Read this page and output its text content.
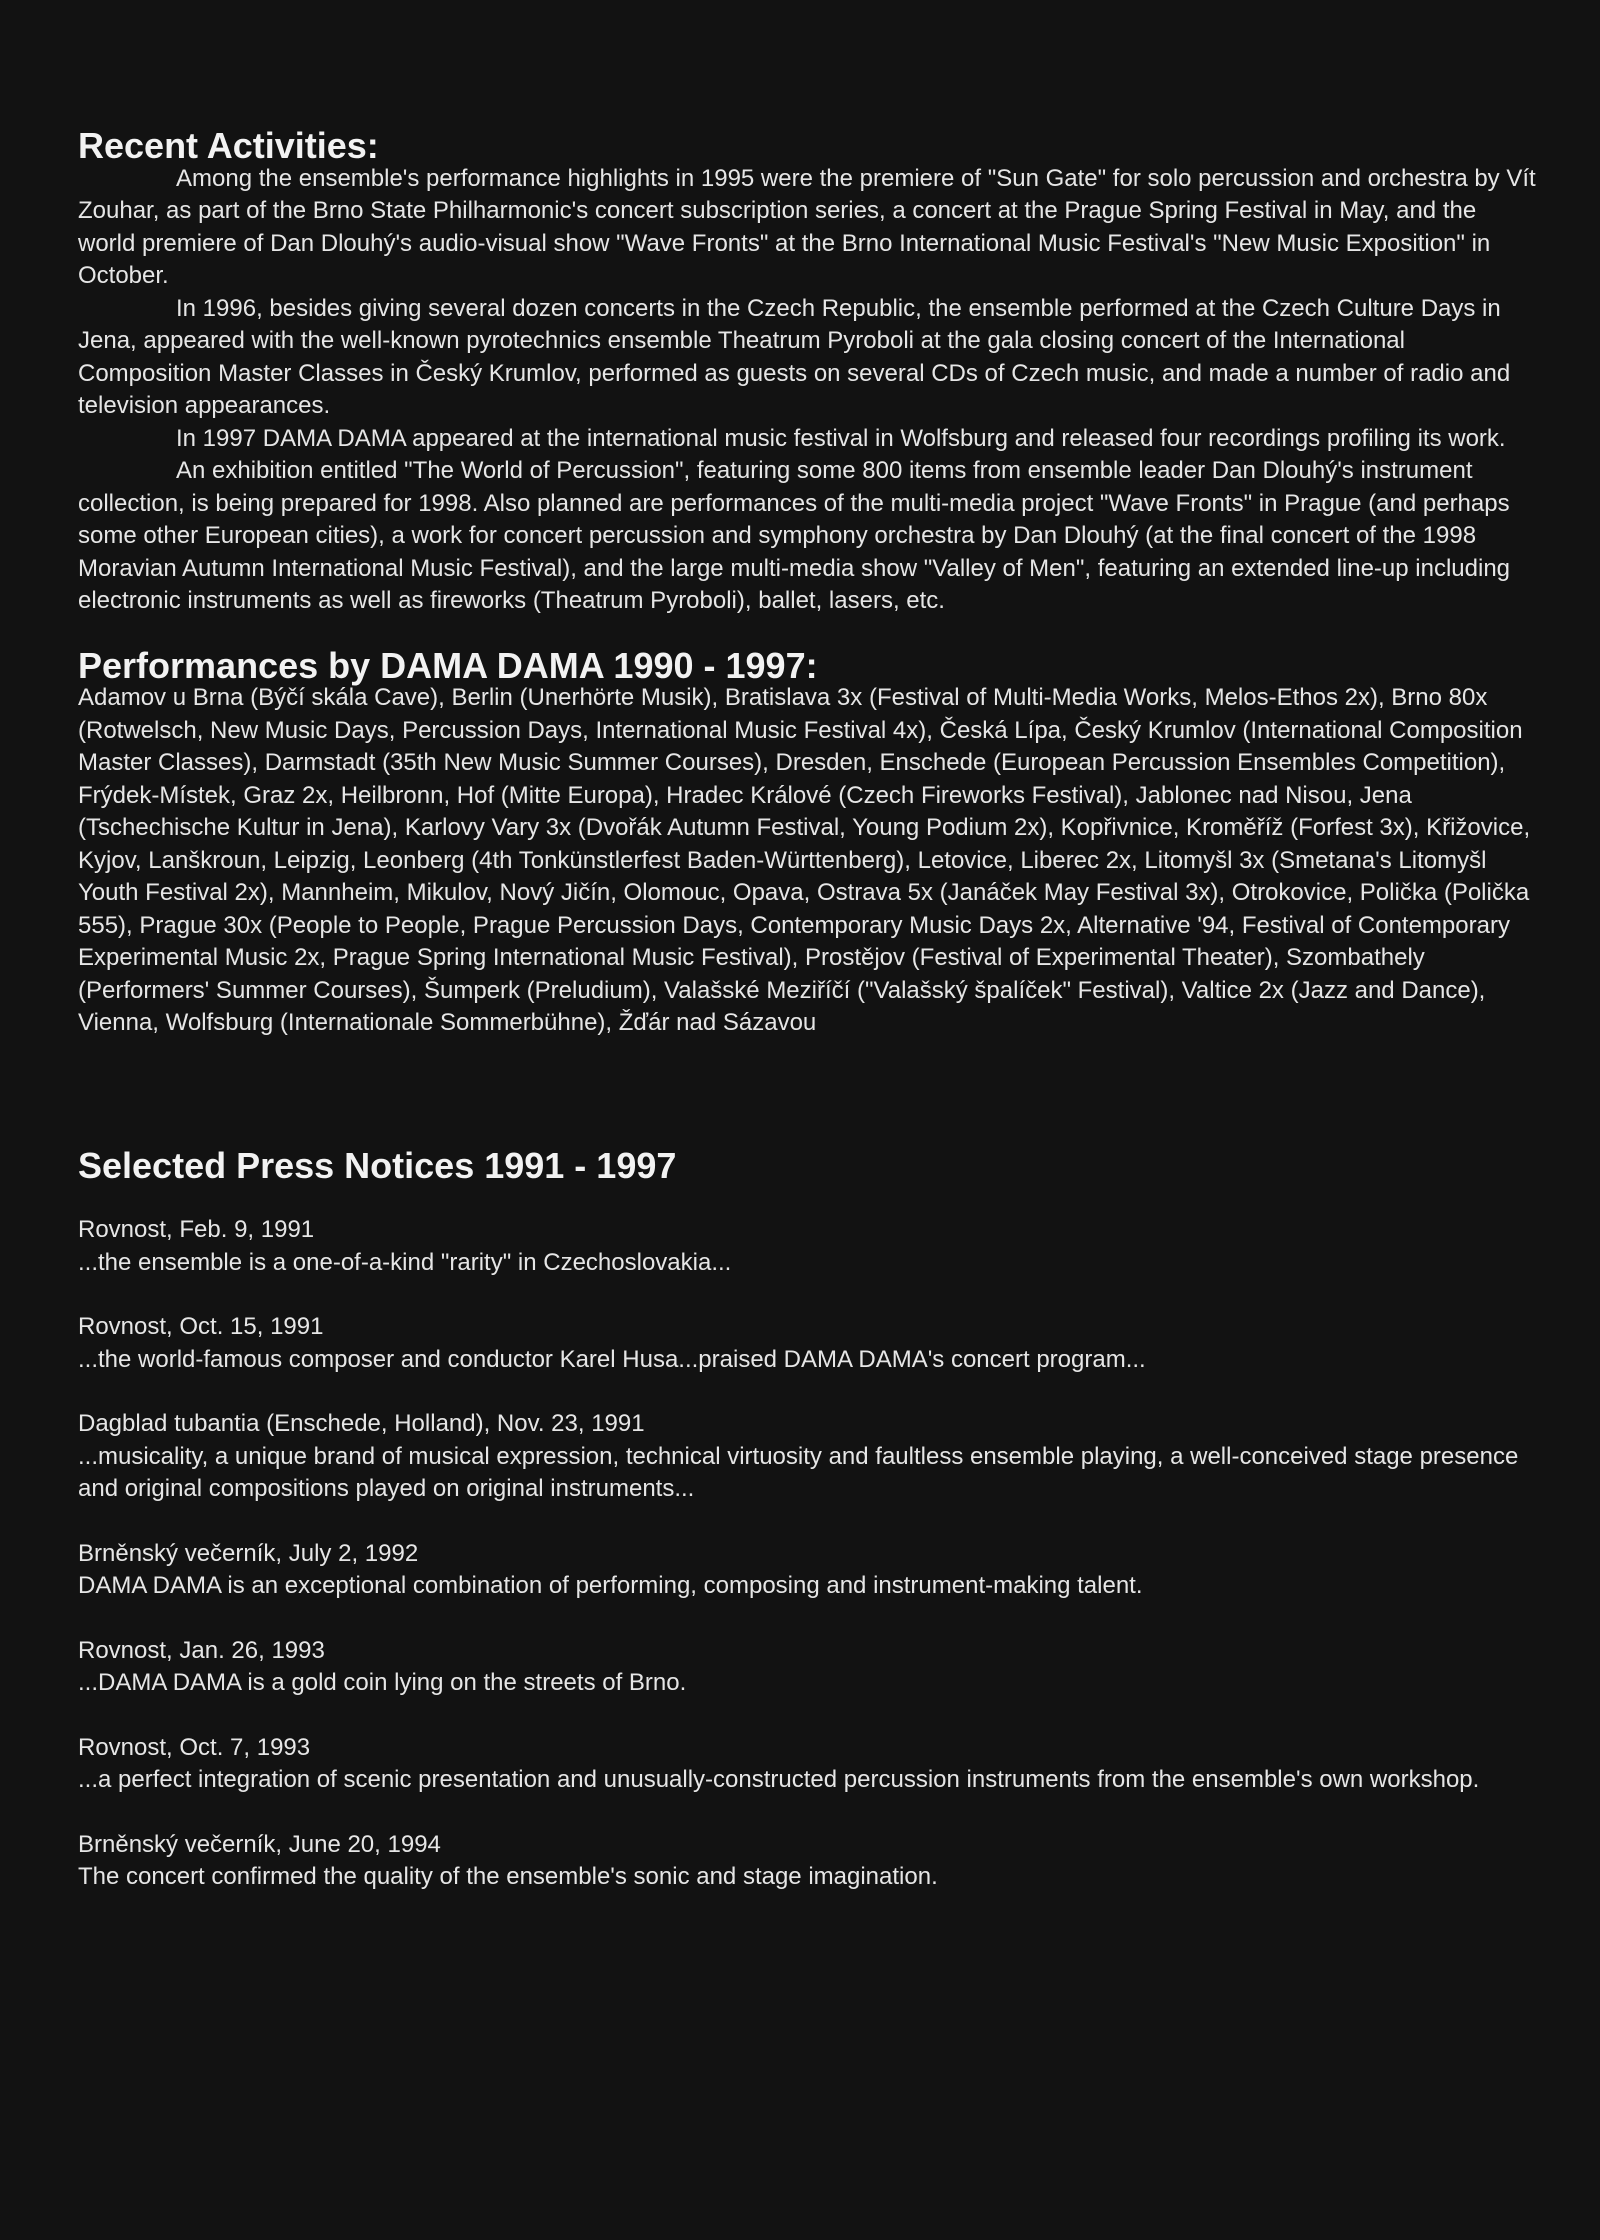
Recent Activities:

Among the ensemble's performance highlights in 1995 were the premiere of "Sun Gate" for solo percussion and orchestra by Vít Zouhar, as part of the Brno State Philharmonic's concert subscription series, a concert at the Prague Spring Festival in May, and the world premiere of Dan Dlouhý's audio-visual show "Wave Fronts" at the Brno International Music Festival's "New Music Exposition" in October.

In 1996, besides giving several dozen concerts in the Czech Republic, the ensemble performed at the Czech Culture Days in Jena, appeared with the well-known pyrotechnics ensemble Theatrum Pyroboli at the gala closing concert of the International Composition Master Classes in Český Krumlov, performed as guests on several CDs of Czech music, and made a number of radio and television appearances.

In 1997 DAMA DAMA appeared at the international music festival in Wolfsburg and released four recordings profiling its work.

An exhibition entitled "The World of Percussion", featuring some 800 items from ensemble leader Dan Dlouhý's instrument collection, is being prepared for 1998. Also planned are performances of the multi-media project "Wave Fronts" in Prague (and perhaps some other European cities), a work for concert percussion and symphony orchestra by Dan Dlouhý (at the final concert of the 1998 Moravian Autumn International Music Festival), and the large multi-media show "Valley of Men", featuring an extended line-up including electronic instruments as well as fireworks (Theatrum Pyroboli), ballet, lasers, etc.

Performances by DAMA DAMA 1990 - 1997:

Adamov u Brna (Býčí skála Cave), Berlin (Unerhörte Musik), Bratislava 3x (Festival of Multi-Media Works, Melos-Ethos 2x), Brno 80x (Rotwelsch, New Music Days, Percussion Days, International Music Festival 4x), Česká Lípa, Český Krumlov (International Composition Master Classes), Darmstadt (35th New Music Summer Courses), Dresden, Enschede (European Percussion Ensembles Competition), Frýdek-Místek, Graz 2x, Heilbronn, Hof (Mitte Europa), Hradec Králové (Czech Fireworks Festival), Jablonec nad Nisou, Jena (Tschechische Kultur in Jena), Karlovy Vary 3x (Dvořák Autumn Festival, Young Podium 2x), Kopřivnice, Kroměříž (Forfest 3x), Křižovice, Kyjov, Lanškroun, Leipzig, Leonberg (4th Tonkünstlerfest Baden-Württenberg), Letovice, Liberec 2x, Litomyšl 3x (Smetana's Litomyšl Youth Festival 2x), Mannheim, Mikulov, Nový Jičín, Olomouc, Opava, Ostrava 5x (Janáček May Festival 3x), Otrokovice, Polička (Polička 555), Prague 30x (People to People, Prague Percussion Days, Contemporary Music Days 2x, Alternative '94, Festival of Contemporary Experimental Music 2x, Prague Spring International Music Festival), Prostějov (Festival of Experimental Theater), Szombathely (Performers' Summer Courses), Šumperk (Preludium), Valašské Meziříčí ("Valašský špalíček" Festival), Valtice 2x (Jazz and Dance), Vienna, Wolfsburg (Internationale Sommerbühne), Žďár nad Sázavou

Selected Press Notices 1991 - 1997
Rovnost, Feb. 9, 1991
...the ensemble is a one-of-a-kind "rarity" in Czechoslovakia...
Rovnost, Oct. 15, 1991
...the world-famous composer and conductor Karel Husa...praised DAMA DAMA's concert program...
Dagblad tubantia (Enschede, Holland), Nov. 23, 1991
...musicality, a unique brand of musical expression, technical virtuosity and faultless ensemble playing, a well-conceived stage presence and original compositions played on original instruments...
Brněnský večerník, July 2, 1992
DAMA DAMA is an exceptional combination of performing, composing and instrument-making talent.
Rovnost, Jan. 26, 1993
...DAMA DAMA is a gold coin lying on the streets of Brno.
Rovnost, Oct. 7, 1993
...a perfect integration of scenic presentation and unusually-constructed percussion instruments from the ensemble's own workshop.
Brněnský večerník, June 20, 1994
The concert confirmed the quality of the ensemble's sonic and stage imagination.
